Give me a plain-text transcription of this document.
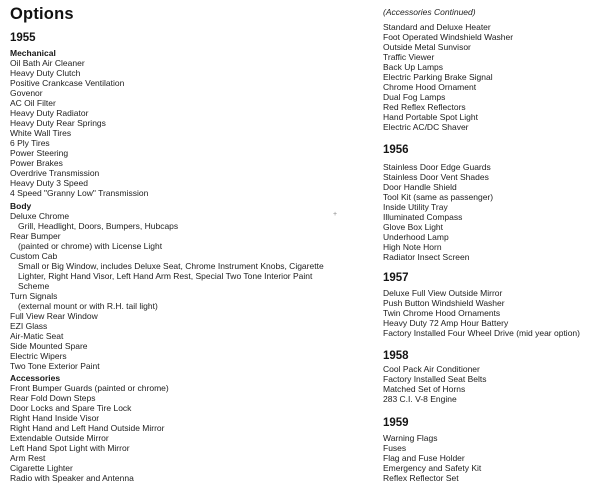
Options
1955
Mechanical
Oil Bath Air Cleaner
Heavy Duty Clutch
Positive Crankcase Ventilation
Govenor
AC Oil Filter
Heavy Duty Radiator
Heavy Duty Rear Springs
White Wall Tires
6 Ply Tires
Power Steering
Power Brakes
Overdrive Transmission
Heavy Duty 3 Speed
4 Speed "Granny Low" Transmission
Body
Deluxe Chrome
Grill, Headlight, Doors, Bumpers, Hubcaps
Rear Bumper
(painted or chrome) with License Light
Custom Cab
Small or Big Window, includes Deluxe Seat, Chrome Instrument Knobs, Cigarette
Lighter, Right Hand Visor, Left Hand Arm Rest, Special Two Tone Interior Paint
Scheme
Turn Signals
(external mount or with R.H. tail light)
Full View Rear Window
EZI Glass
Air-Matic Seat
Side Mounted Spare
Electric Wipers
Two Tone Exterior Paint
Accessories
Front Bumper Guards (painted or chrome)
Rear Fold Down Steps
Door Locks and Spare Tire Lock
Right Hand Inside Visor
Right Hand and Left Hand Outside Mirror
Extendable Outside Mirror
Left Hand Spot Light with Mirror
Arm Rest
Cigarette Lighter
Radio with Speaker and Antenna
(Accessories Continued)
Standard and Deluxe Heater
Foot Operated Windshield Washer
Outside Metal Sunvisor
Traffic Viewer
Back Up Lamps
Electric Parking Brake Signal
Chrome Hood Ornament
Dual Fog Lamps
Red Reflex Reflectors
Hand Portable Spot Light
Electric AC/DC Shaver
1956
Stainless Door Edge Guards
Stainless Door Vent Shades
Door Handle Shield
Tool Kit (same as passenger)
Inside Utility Tray
Illuminated Compass
Glove Box Light
Underhood Lamp
High Note Horn
Radiator Insect Screen
1957
Deluxe Full View Outside Mirror
Push Button Windshield Washer
Twin Chrome Hood Ornaments
Heavy Duty 72 Amp Hour Battery
Factory Installed Four Wheel Drive (mid year option)
1958
Cool Pack Air Conditioner
Factory Installed Seat Belts
Matched Set of Horns
283 C.I. V-8 Engine
1959
Warning Flags
Fuses
Flag and Fuse Holder
Emergency and Safety Kit
Reflex Reflector Set
+
